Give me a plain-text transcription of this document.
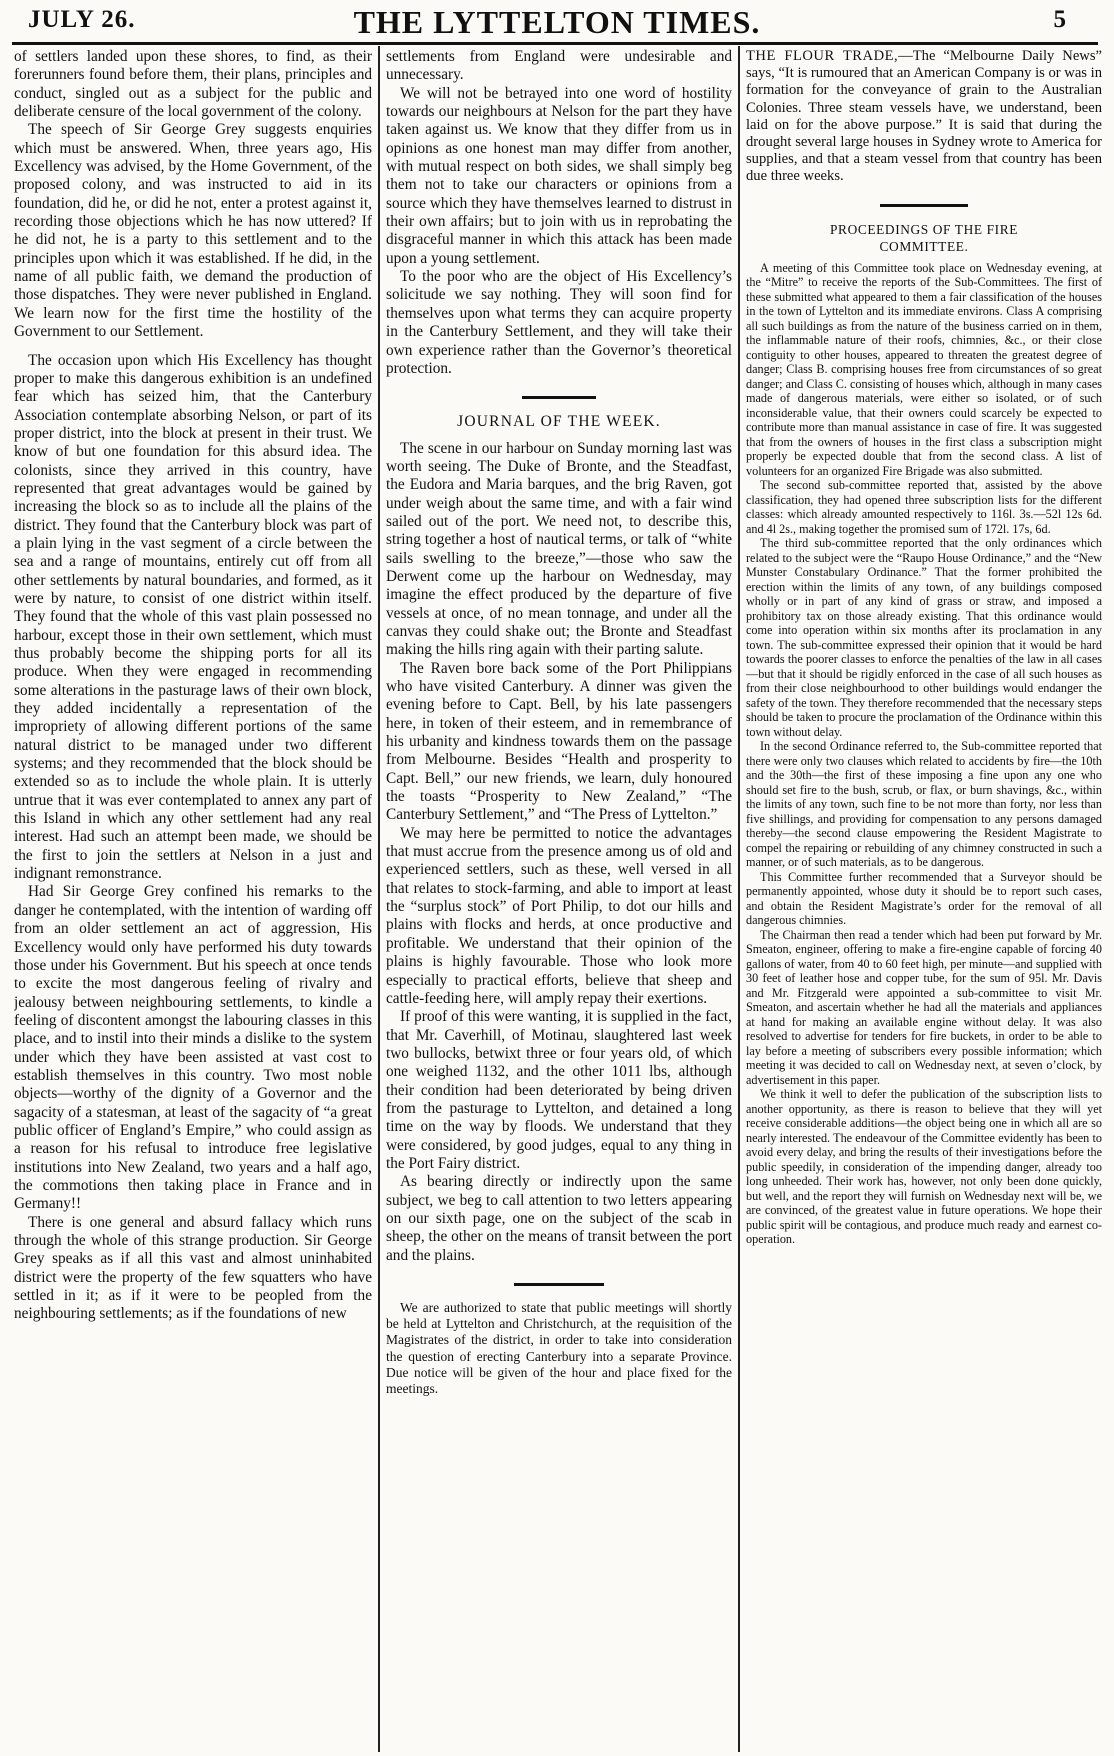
JULY 26.	THE LYTTELTON TIMES.	5

of settlers landed upon these shores, to find, as their forerunners found before them, their plans, principles and conduct, singled out as a subject for the public and deliberate censure of the local government of the colony.

The speech of Sir George Grey suggests enquiries which must be answered. When, three years ago, His Excellency was advised, by the Home Government, of the proposed colony, and was instructed to aid in its foundation, did he, or did he not, enter a protest against it, recording those objections which he has now uttered? If he did not, he is a party to this settlement and to the principles upon which it was established. If he did, in the name of all public faith, we demand the production of those dispatches. They were never published in England. We learn now for the first time the hostility of the Government to our Settlement.

The occasion upon which His Excellency has thought proper to make this dangerous exhibition is an undefined fear which has seized him, that the Canterbury Association contemplate absorbing Nelson, or part of its proper district, into the block at present in their trust. We know of but one foundation for this absurd idea. The colonists, since they arrived in this country, have represented that great advantages would be gained by increasing the block so as to include all the plains of the district. They found that the Canterbury block was part of a plain lying in the vast segment of a circle between the sea and a range of mountains, entirely cut off from all other settlements by natural boundaries, and formed, as it were by nature, to consist of one district within itself. They found that the whole of this vast plain possessed no harbour, except those in their own settlement, which must thus probably become the shipping ports for all its produce. When they were engaged in recommending some alterations in the pasturage laws of their own block, they added incidentally a representation of the impropriety of allowing different portions of the same natural district to be managed under two different systems; and they recommended that the block should be extended so as to include the whole plain. It is utterly untrue that it was ever contemplated to annex any part of this Island in which any other settlement had any real interest. Had such an attempt been made, we should be the first to join the settlers at Nelson in a just and indignant remonstrance.

Had Sir George Grey confined his remarks to the danger he contemplated, with the intention of warding off from an older settlement an act of aggression, His Excellency would only have performed his duty towards those under his Government. But his speech at once tends to excite the most dangerous feeling of rivalry and jealousy between neighbouring settlements, to kindle a feeling of discontent amongst the labouring classes in this place, and to instil into their minds a dislike to the system under which they have been assisted at vast cost to establish themselves in this country. Two most noble objects—worthy of the dignity of a Governor and the sagacity of a statesman, at least of the sagacity of “a great public officer of England’s Empire,” who could assign as a reason for his refusal to introduce free legislative institutions into New Zealand, two years and a half ago, the commotions then taking place in France and in Germany!!

There is one general and absurd fallacy which runs through the whole of this strange production. Sir George Grey speaks as if all this vast and almost uninhabited district were the property of the few squatters who have settled in it; as if it were to be peopled from the neighbouring settlements; as if the foundations of new

settlements from England were undesirable and unnecessary.

We will not be betrayed into one word of hostility towards our neighbours at Nelson for the part they have taken against us. We know that they differ from us in opinions as one honest man may differ from another, with mutual respect on both sides, we shall simply beg them not to take our characters or opinions from a source which they have themselves learned to distrust in their own affairs; but to join with us in reprobating the disgraceful manner in which this attack has been made upon a young settlement.

To the poor who are the object of His Excellency’s solicitude we say nothing. They will soon find for themselves upon what terms they can acquire property in the Canterbury Settlement, and they will take their own experience rather than the Governor’s theoretical protection.

JOURNAL OF THE WEEK.

The scene in our harbour on Sunday morning last was worth seeing. The Duke of Bronte, and the Steadfast, the Eudora and Maria barques, and the brig Raven, got under weigh about the same time, and with a fair wind sailed out of the port. We need not, to describe this, string together a host of nautical terms, or talk of “white sails swelling to the breeze,”—those who saw the Derwent come up the harbour on Wednesday, may imagine the effect produced by the departure of five vessels at once, of no mean tonnage, and under all the canvas they could shake out; the Bronte and Steadfast making the hills ring again with their parting salute.

The Raven bore back some of the Port Philippians who have visited Canterbury. A dinner was given the evening before to Capt. Bell, by his late passengers here, in token of their esteem, and in remembrance of his urbanity and kindness towards them on the passage from Melbourne. Besides “Health and prosperity to Capt. Bell,” our new friends, we learn, duly honoured the toasts “Prosperity to New Zealand,” “The Canterbury Settlement,” and “The Press of Lyttelton.”

We may here be permitted to notice the advantages that must accrue from the presence among us of old and experienced settlers, such as these, well versed in all that relates to stock-farming, and able to import at least the “surplus stock” of Port Philip, to dot our hills and plains with flocks and herds, at once productive and profitable. We understand that their opinion of the plains is highly favourable. Those who look more especially to practical efforts, believe that sheep and cattle-feeding here, will amply repay their exertions.

If proof of this were wanting, it is supplied in the fact, that Mr. Caverhill, of Motinau, slaughtered last week two bullocks, betwixt three or four years old, of which one weighed 1132, and the other 1011 lbs, although their condition had been deteriorated by being driven from the pasturage to Lyttelton, and detained a long time on the way by floods. We understand that they were considered, by good judges, equal to any thing in the Port Fairy district.

As bearing directly or indirectly upon the same subject, we beg to call attention to two letters appearing on our sixth page, one on the subject of the scab in sheep, the other on the means of transit between the port and the plains.

We are authorized to state that public meetings will shortly be held at Lyttelton and Christchurch, at the requisition of the Magistrates of the district, in order to take into consideration the question of erecting Canterbury into a separate Province. Due notice will be given of the hour and place fixed for the meetings.

THE FLOUR TRADE,—The “Melbourne Daily News” says, “It is rumoured that an American Company is or was in formation for the conveyance of grain to the Australian Colonies. Three steam vessels have, we understand, been laid on for the above purpose.” It is said that during the drought several large houses in Sydney wrote to America for supplies, and that a steam vessel from that country has been due three weeks.

PROCEEDINGS OF THE FIRE
COMMITTEE.

A meeting of this Committee took place on Wednesday evening, at the “Mitre” to receive the reports of the Sub-Committees. The first of these submitted what appeared to them a fair classification of the houses in the town of Lyttelton and its immediate environs. Class A comprising all such buildings as from the nature of the business carried on in them, the inflammable nature of their roofs, chimnies, &c., or their close contiguity to other houses, appeared to threaten the greatest degree of danger; Class B. comprising houses free from circumstances of so great danger; and Class C. consisting of houses which, although in many cases made of dangerous materials, were either so isolated, or of such inconsiderable value, that their owners could scarcely be expected to contribute more than manual assistance in case of fire. It was suggested that from the owners of houses in the first class a subscription might properly be expected double that from the second class. A list of volunteers for an organized Fire Brigade was also submitted.

The second sub-committee reported that, assisted by the above classification, they had opened three subscription lists for the different classes: which already amounted respectively to 116l. 3s.—52l 12s 6d. and 4l 2s., making together the promised sum of 172l. 17s, 6d.

The third sub-committee reported that the only ordinances which related to the subject were the “Raupo House Ordinance,” and the “New Munster Constabulary Ordinance.” That the former prohibited the erection within the limits of any town, of any buildings composed wholly or in part of any kind of grass or straw, and imposed a prohibitory tax on those already existing. That this ordinance would come into operation within six months after its proclamation in any town. The sub-committee expressed their opinion that it would be hard towards the poorer classes to enforce the penalties of the law in all cases—but that it should be rigidly enforced in the case of all such houses as from their close neighbourhood to other buildings would endanger the safety of the town. They therefore recommended that the necessary steps should be taken to procure the proclamation of the Ordinance within this town without delay.

In the second Ordinance referred to, the Sub-committee reported that there were only two clauses which related to accidents by fire—the 10th and the 30th—the first of these imposing a fine upon any one who should set fire to the bush, scrub, or flax, or burn shavings, &c., within the limits of any town, such fine to be not more than forty, nor less than five shillings, and providing for compensation to any persons damaged thereby—the second clause empowering the Resident Magistrate to compel the repairing or rebuilding of any chimney constructed in such a manner, or of such materials, as to be dangerous.

This Committee further recommended that a Surveyor should be permanently appointed, whose duty it should be to report such cases, and obtain the Resident Magistrate’s order for the removal of all dangerous chimnies.

The Chairman then read a tender which had been put forward by Mr. Smeaton, engineer, offering to make a fire-engine capable of forcing 40 gallons of water, from 40 to 60 feet high, per minute—and supplied with 30 feet of leather hose and copper tube, for the sum of 95l. Mr. Davis and Mr. Fitzgerald were appointed a sub-committee to visit Mr. Smeaton, and ascertain whether he had all the materials and appliances at hand for making an available engine without delay. It was also resolved to advertise for tenders for fire buckets, in order to be able to lay before a meeting of subscribers every possible information; which meeting it was decided to call on Wednesday next, at seven o’clock, by advertisement in this paper.

We think it well to defer the publication of the subscription lists to another opportunity, as there is reason to believe that they will yet receive considerable additions—the object being one in which all are so nearly interested. The endeavour of the Committee evidently has been to avoid every delay, and bring the results of their investigations before the public speedily, in consideration of the impending danger, already too long unheeded. Their work has, however, not only been done quickly, but well, and the report they will furnish on Wednesday next will be, we are convinced, of the greatest value in future operations. We hope their public spirit will be contagious, and produce much ready and earnest co-operation.
